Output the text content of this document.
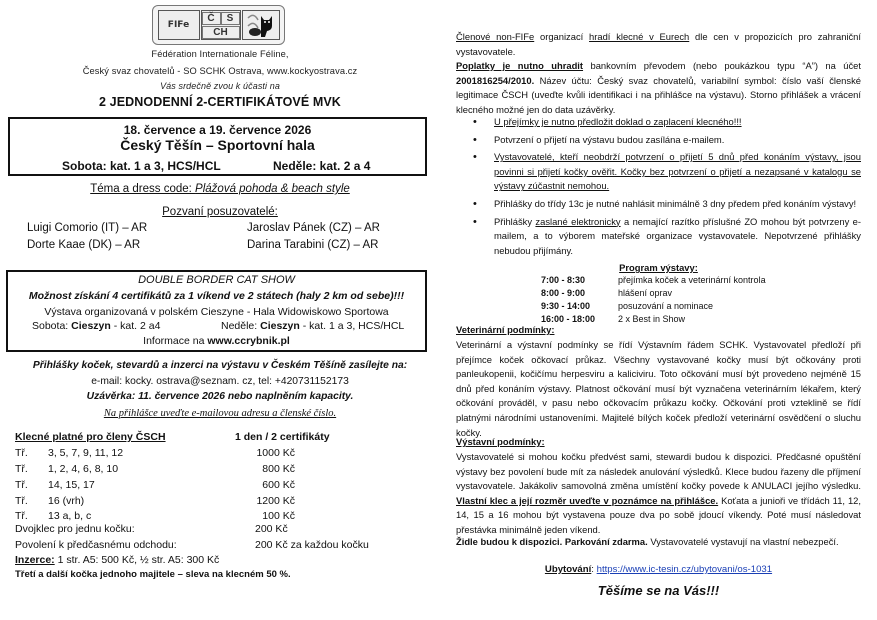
FIFe
Č	S
CH
Fédération Internationale Féline,
Český svaz chovatelů - SO SCHK Ostrava, www.kockyostrava.cz
Vás srdečně zvou k účasti na
2 JEDNODENNÍ 2-CERTIFIKÁTOVÉ MVK
18. července a 19. července 2026
Český Těšín – Sportovní hala
Sobota: kat. 1 a 3, HCS/HCL	Neděle: kat. 2 a 4
Téma a dress code: Plážová pohoda & beach style
Pozvaní posuzovatelé:
Luigi Comorio (IT) – AR	Jaroslav Pánek (CZ) – AR
Dorte Kaae (DK) – AR	Darina Tarabini (CZ) – AR
DOUBLE BORDER CAT SHOW
Možnost získání 4 certifikátů za 1 víkend ve 2 státech (haly 2 km od sebe)!!!
Výstava organizovaná v polském Cieszyne - Hala Widowiskowo Sportowa
Sobota: Cieszyn - kat. 2 a4	Neděle: Cieszyn - kat. 1 a 3, HCS/HCL
Informace na www.ccrybnik.pl
Přihlášky koček, stevardů a inzerci na výstavu v Českém Těšíně zasílejte na:
e-mail: kocky. ostrava@seznam. cz, tel: +420731152173
Uzávěrka: 11. července 2026 nebo naplněním kapacity.
Na přihlášce uveďte e-mailovou adresu a členské číslo.
Klecné platné pro členy ČSCH	1 den / 2 certifikáty
Tř. 3, 5, 7, 9, 11, 12	1000 Kč
Tř. 1, 2, 4, 6, 8, 10	800 Kč
Tř. 14, 15, 17	600 Kč
Tř. 16 (vrh)	1200 Kč
Tř. 13 a, b, c	100 Kč
Dvojklec pro jednu kočku:	200 Kč
Povolení k předčasnému odchodu:	200 Kč za každou kočku
Inzerce: 1 str. A5: 500 Kč, ½ str. A5: 300 Kč
Třetí a další kočka jednoho majitele – sleva na klecném 50 %.
Členové non-FIFe organizací hradí klecné v Eurech dle cen v propozicích pro zahraniční vystavovatele.
Poplatky je nutno uhradit bankovním převodem (nebo poukázkou typu “A”) na účet 2001816254/2010. Název účtu: Český svaz chovatelů, variabilní symbol: číslo vaší členské legitimace ČSCH (uveďte kvůli identifikaci i na přihlášce na výstavu). Storno přihlášek a vrácení klecného možné jen do data uzávěrky.
• U přejímky je nutno předložit doklad o zaplacení klecného!!!
• Potvrzení o přijetí na výstavu budou zasílána e-mailem.
• Vystavovatelé, kteří neobdrží potvrzení o přijetí 5 dnů před konáním výstavy, jsou povinni si přijetí kočky ověřit. Kočky bez potvrzení o přijetí a nezapsané v katalogu se výstavy zúčastnit nemohou.
• Přihlášky do třídy 13c je nutné nahlásit minimálně 3 dny předem před konáním výstavy!
• Přihlášky zaslané elektronicky a nemající razítko příslušné ZO mohou být potvrzeny e-mailem, a to výborem mateřské organizace vystavovatele. Nepotvrzené přihlášky nebudou přijímány.
Program výstavy:
7:00 - 8:30	přejímka koček a veterinární kontrola
8:00 - 9:00	hlášení oprav
9:30 - 14:00	posuzování a nominace
16:00 - 18:00	2 x Best in Show
Veterinární podmínky:
Veterinární a výstavní podmínky se řídí Výstavním řádem SCHK. Vystavovatel předloží při přejímce koček očkovací průkaz. Všechny vystavované kočky musí být očkovány proti panleukopenii, kočičímu herpesviru a kaliciviru. Toto očkování musí být provedeno nejméně 15 dnů před konáním výstavy. Platnost očkování musí být vyznačena veterinárním lékařem, který očkování prováděl, v pasu nebo očkovacím průkazu kočky. Očkování proti vzteklině se řídí platnými národními ustanoveními. Majitelé bílých koček předloží veterinární osvědčení o sluchu kočky.
Výstavní podmínky:
Vystavovatelé si mohou kočku předvést sami, stewardi budou k dispozici. Předčasné opuštění výstavy bez povolení bude mít za následek anulování výsledků. Klece budou řazeny dle příjmení vystavovatele. Jakákoliv samovolná změna umístění kočky povede k ANULACI jejího výsledku. Vlastní klec a její rozměr uveďte v poznámce na přihlášce. Koťata a junioři ve třídách 11, 12, 14, 15 a 16 mohou být vystavena pouze dva po sobě jdoucí víkendy. Poté musí následovat přestávka minimálně jeden víkend.
Židle budou k dispozici. Parkování zdarma. Vystavovatelé vystavují na vlastní nebezpečí.
Ubytování: https://www.ic-tesin.cz/ubytovani/os-1031
Těšíme se na Vás!!!
